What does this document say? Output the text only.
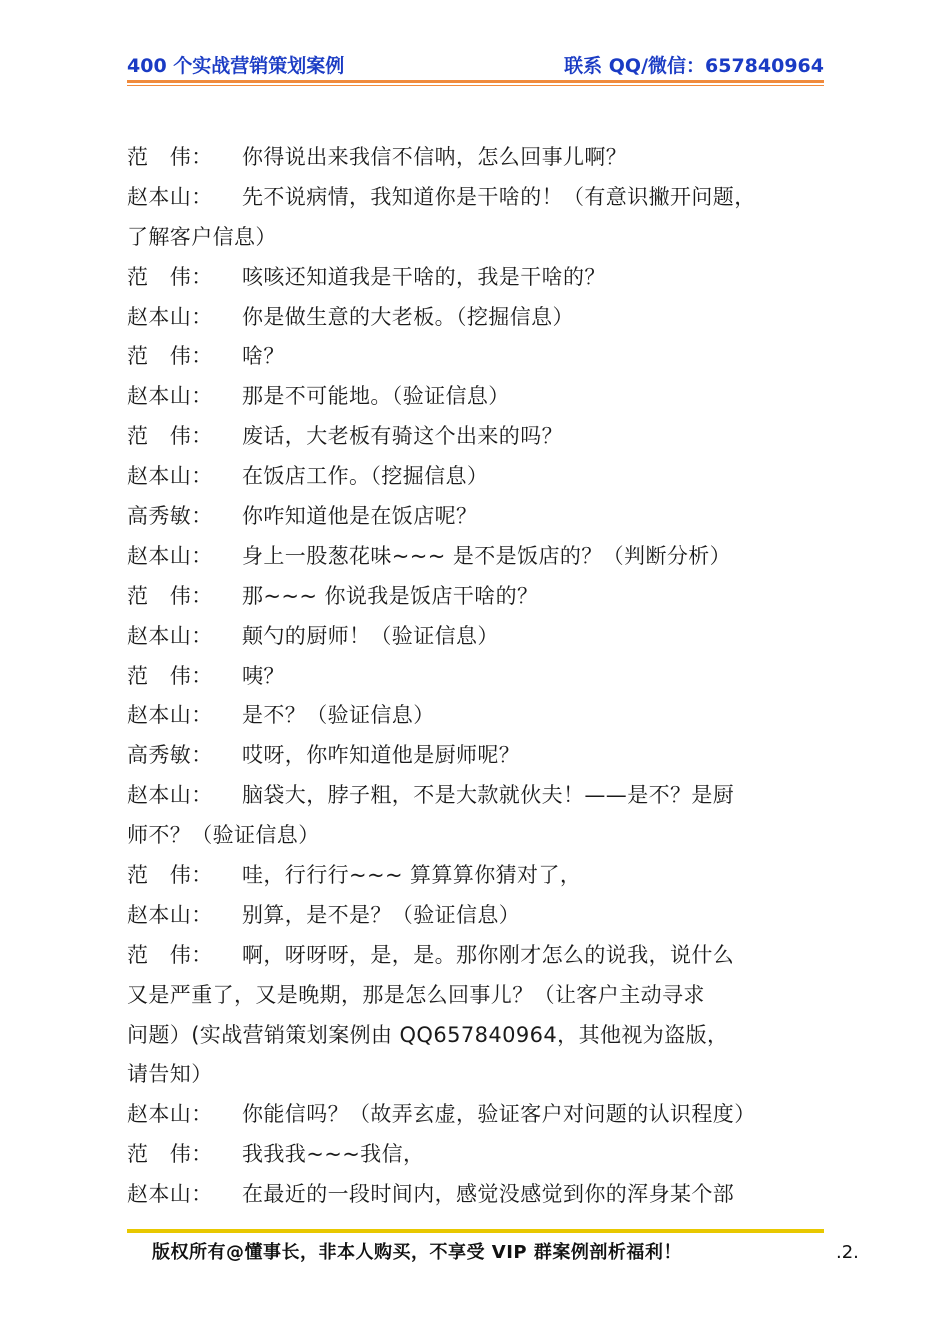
400 个实战营销策划案例	联系 QQ/微信：657840964
范　伟： 你得说出来我信不信呐，怎么回事儿啊？
赵本山： 先不说病情，我知道你是干啥的！（有意识撇开问题，
了解客户信息）
范　伟： 咳咳还知道我是干啥的，我是干啥的？
赵本山： 你是做生意的大老板。（挖掘信息）
范　伟： 啥？
赵本山： 那是不可能地。（验证信息）
范　伟： 废话，大老板有骑这个出来的吗？
赵本山： 在饭店工作。（挖掘信息）
高秀敏： 你咋知道他是在饭店呢？
赵本山： 身上一股葱花味~~~ 是不是饭店的？（判断分析）
范　伟： 那~~~ 你说我是饭店干啥的？
赵本山： 颠勺的厨师！（验证信息）
范　伟： 咦？
赵本山： 是不？（验证信息）
高秀敏： 哎呀，你咋知道他是厨师呢？
赵本山： 脑袋大，脖子粗，不是大款就伙夫！——是不？是厨
师不？（验证信息）
范　伟： 哇，行行行~~~ 算算算你猜对了，
赵本山： 别算，是不是？（验证信息）
范　伟： 啊，呀呀呀，是，是。那你刚才怎么的说我，说什么
又是严重了，又是晚期，那是怎么回事儿？（让客户主动寻求
问题）(实战营销策划案例由 QQ657840964，其他视为盗版，
请告知）
赵本山： 你能信吗？（故弄玄虚，验证客户对问题的认识程度）
范　伟： 我我我~~~我信，
赵本山： 在最近的一段时间内，感觉没感觉到你的浑身某个部
版权所有@懂事长，非本人购买，不享受 VIP 群案例剖析福利！	.2.
